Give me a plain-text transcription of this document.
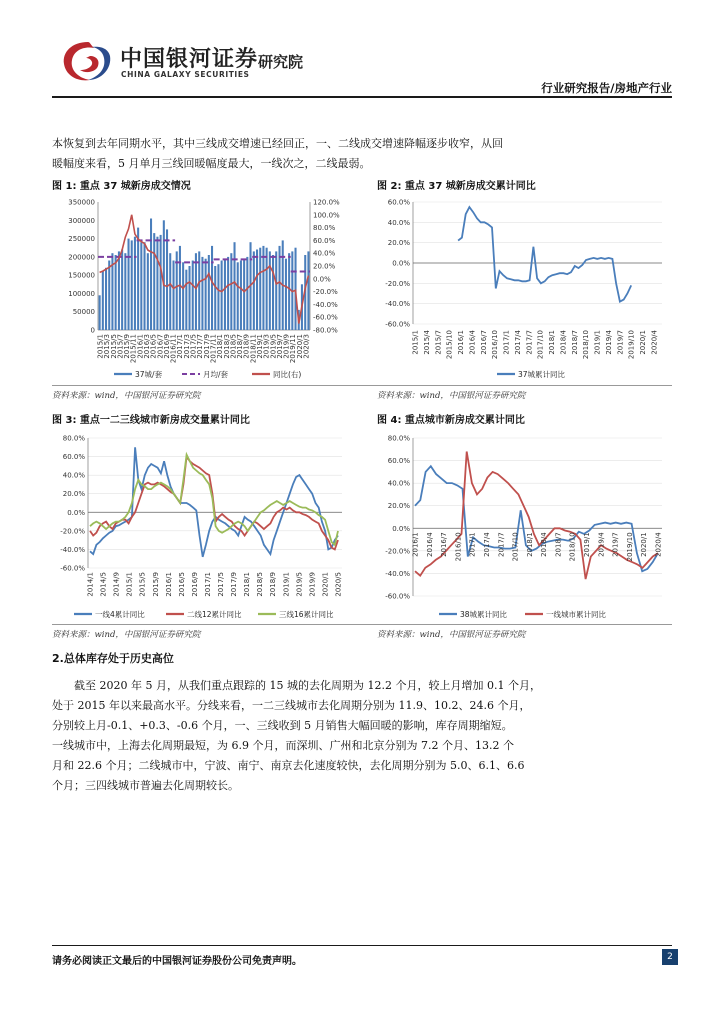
中国银河证券
CHINA GALAXY SECURITIES
研究院
行业研究报告/房地产行业
本恢复到去年同期水平，其中三线成交增速已经回正，一、二线成交增速降幅逐步收窄，从回
暖幅度来看，5 月单月三线回暖幅度最大，一线次之，二线最弱。
图 1: 重点 37 城新房成交情况	图 2: 重点 37 城新房成交累计同比
0
50000
100000
150000
200000
250000
300000
350000
-80.0%
-60.0%
-40.0%
-20.0%
0.0%
20.0%
40.0%
60.0%
80.0%
100.0%
120.0%
2015/1
2015/3
2015/5
2015/7
2015/9
2015/11
2016/1
2016/3
2016/5
2016/7
2016/9
2016/11
2017/1
2017/3
2017/5
2017/7
2017/9
2017/11
2018/1
2018/3
2018/5
2018/7
2018/9
2018/11
2019/1
2019/3
2019/5
2019/7
2019/9
2019/11
2020/1
2020/3
37城/套	月均/套	同比(右)
-60.0%
-40.0%
-20.0%
0.0%
20.0%
40.0%
60.0%
2015/1 2015/4 2015/7 2015/10 2016/1 2016/4 2016/7 2016/10 2017/1 2017/4 2017/7 2017/10 2018/1 2018/4 2018/7 2018/10 2019/1 2019/4 2019/7 2019/10 2020/1 2020/4
37城累计同比
资料来源：wind，中国银河证券研究院	资料来源：wind，中国银河证券研究院
图 3: 重点一二三线城市新房成交量累计同比	图 4: 重点城市新房成交累计同比
-60.0%
-40.0%
-20.0%
0.0%
20.0%
40.0%
60.0%
80.0%
2014/1 2014/5 2014/9 2015/1 2015/5 2015/9 2016/1 2016/5 2016/9 2017/1 2017/5 2017/9 2018/1 2018/5 2018/9 2019/1 2019/5 2019/9 2020/1 2020/5
一线4累计同比	二线12累计同比	三线16累计同比
-60.0%
-40.0%
-20.0%
0.0%
20.0%
40.0%
60.0%
80.0%
2016/1 2016/4 2016/7 2016/10 2017/1 2017/4 2017/7 2017/10 2018/1 2018/4 2018/7 2018/10 2019/1 2019/4 2019/7 2019/10 2020/1 2020/4
38城累计同比	一线城市累计同比
资料来源：wind，中国银河证券研究院	资料来源：wind，中国银河证券研究院
2.总体库存处于历史高位
截至 2020 年 5 月，从我们重点跟踪的 15 城的去化周期为 12.2 个月，较上月增加 0.1 个月，
处于 2015 年以来最高水平。分线来看，一二三线城市去化周期分别为 11.9、10.2、24.6 个月，
分别较上月-0.1、+0.3、-0.6 个月，一、三线收到 5 月销售大幅回暖的影响，库存周期缩短。
一线城市中，上海去化周期最短，为 6.9 个月，而深圳、广州和北京分别为 7.2 个月、13.2 个
月和 22.6 个月；二线城市中，宁波、南宁、南京去化速度较快，去化周期分别为 5.0、6.1、6.6
个月；三四线城市普遍去化周期较长。
请务必阅读正文最后的中国银河证券股份公司免责声明。	2
